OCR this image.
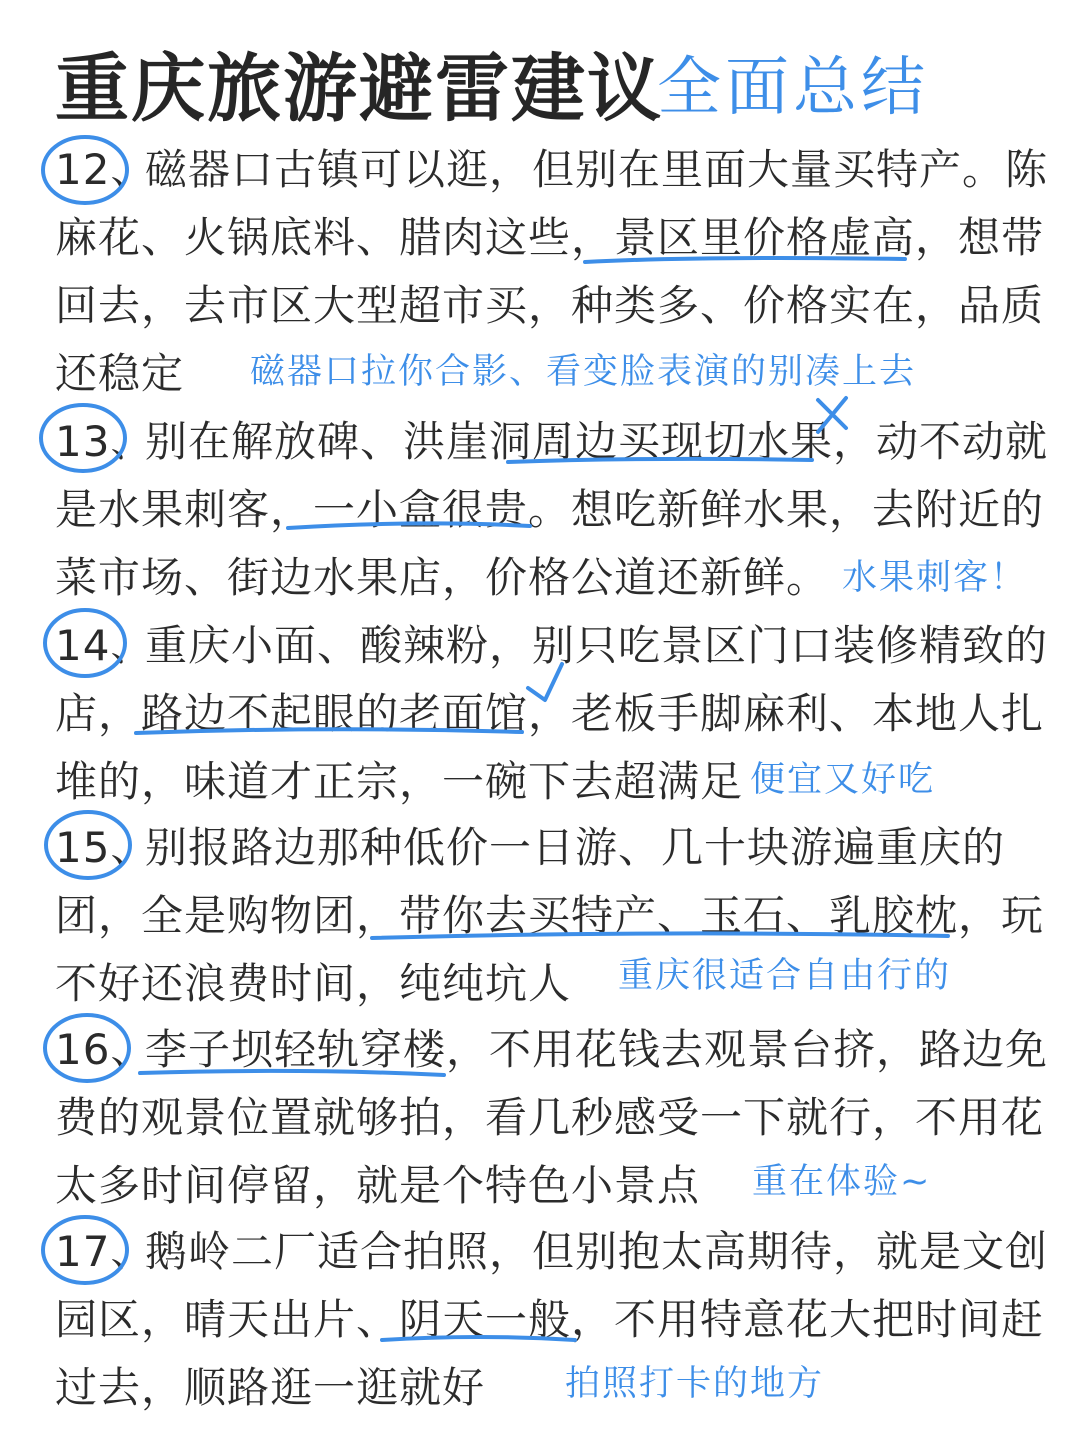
重庆旅游避雷建议
全面总结
12、磁器口古镇可以逛，但别在里面大量买特产。陈
麻花、火锅底料、腊肉这些，景区里价格虚高，想带
回去，去市区大型超市买，种类多、价格实在，品质
还稳定 磁器口拉你合影、看变脸表演的别凑上去
13、别在解放碑、洪崖洞周边买现切水果，动不动就
是水果刺客，一小盒很贵。想吃新鲜水果，去附近的
菜市场、街边水果店，价格公道还新鲜。 水果刺客！
14、重庆小面、酸辣粉，别只吃景区门口装修精致的
店，路边不起眼的老面馆，老板手脚麻利、本地人扎
堆的，味道才正宗，一碗下去超满足 便宜又好吃
15、别报路边那种低价一日游、几十块游遍重庆的
团，全是购物团，带你去买特产、玉石、乳胶枕，玩
不好还浪费时间，纯纯坑人 重庆很适合自由行的
16、李子坝轻轨穿楼，不用花钱去观景台挤，路边免
费的观景位置就够拍，看几秒感受一下就行，不用花
太多时间停留，就是个特色小景点 重在体验~
17、鹅岭二厂适合拍照，但别抱太高期待，就是文创
园区，晴天出片、阴天一般，不用特意花大把时间赶
过去，顺路逛一逛就好 拍照打卡的地方
